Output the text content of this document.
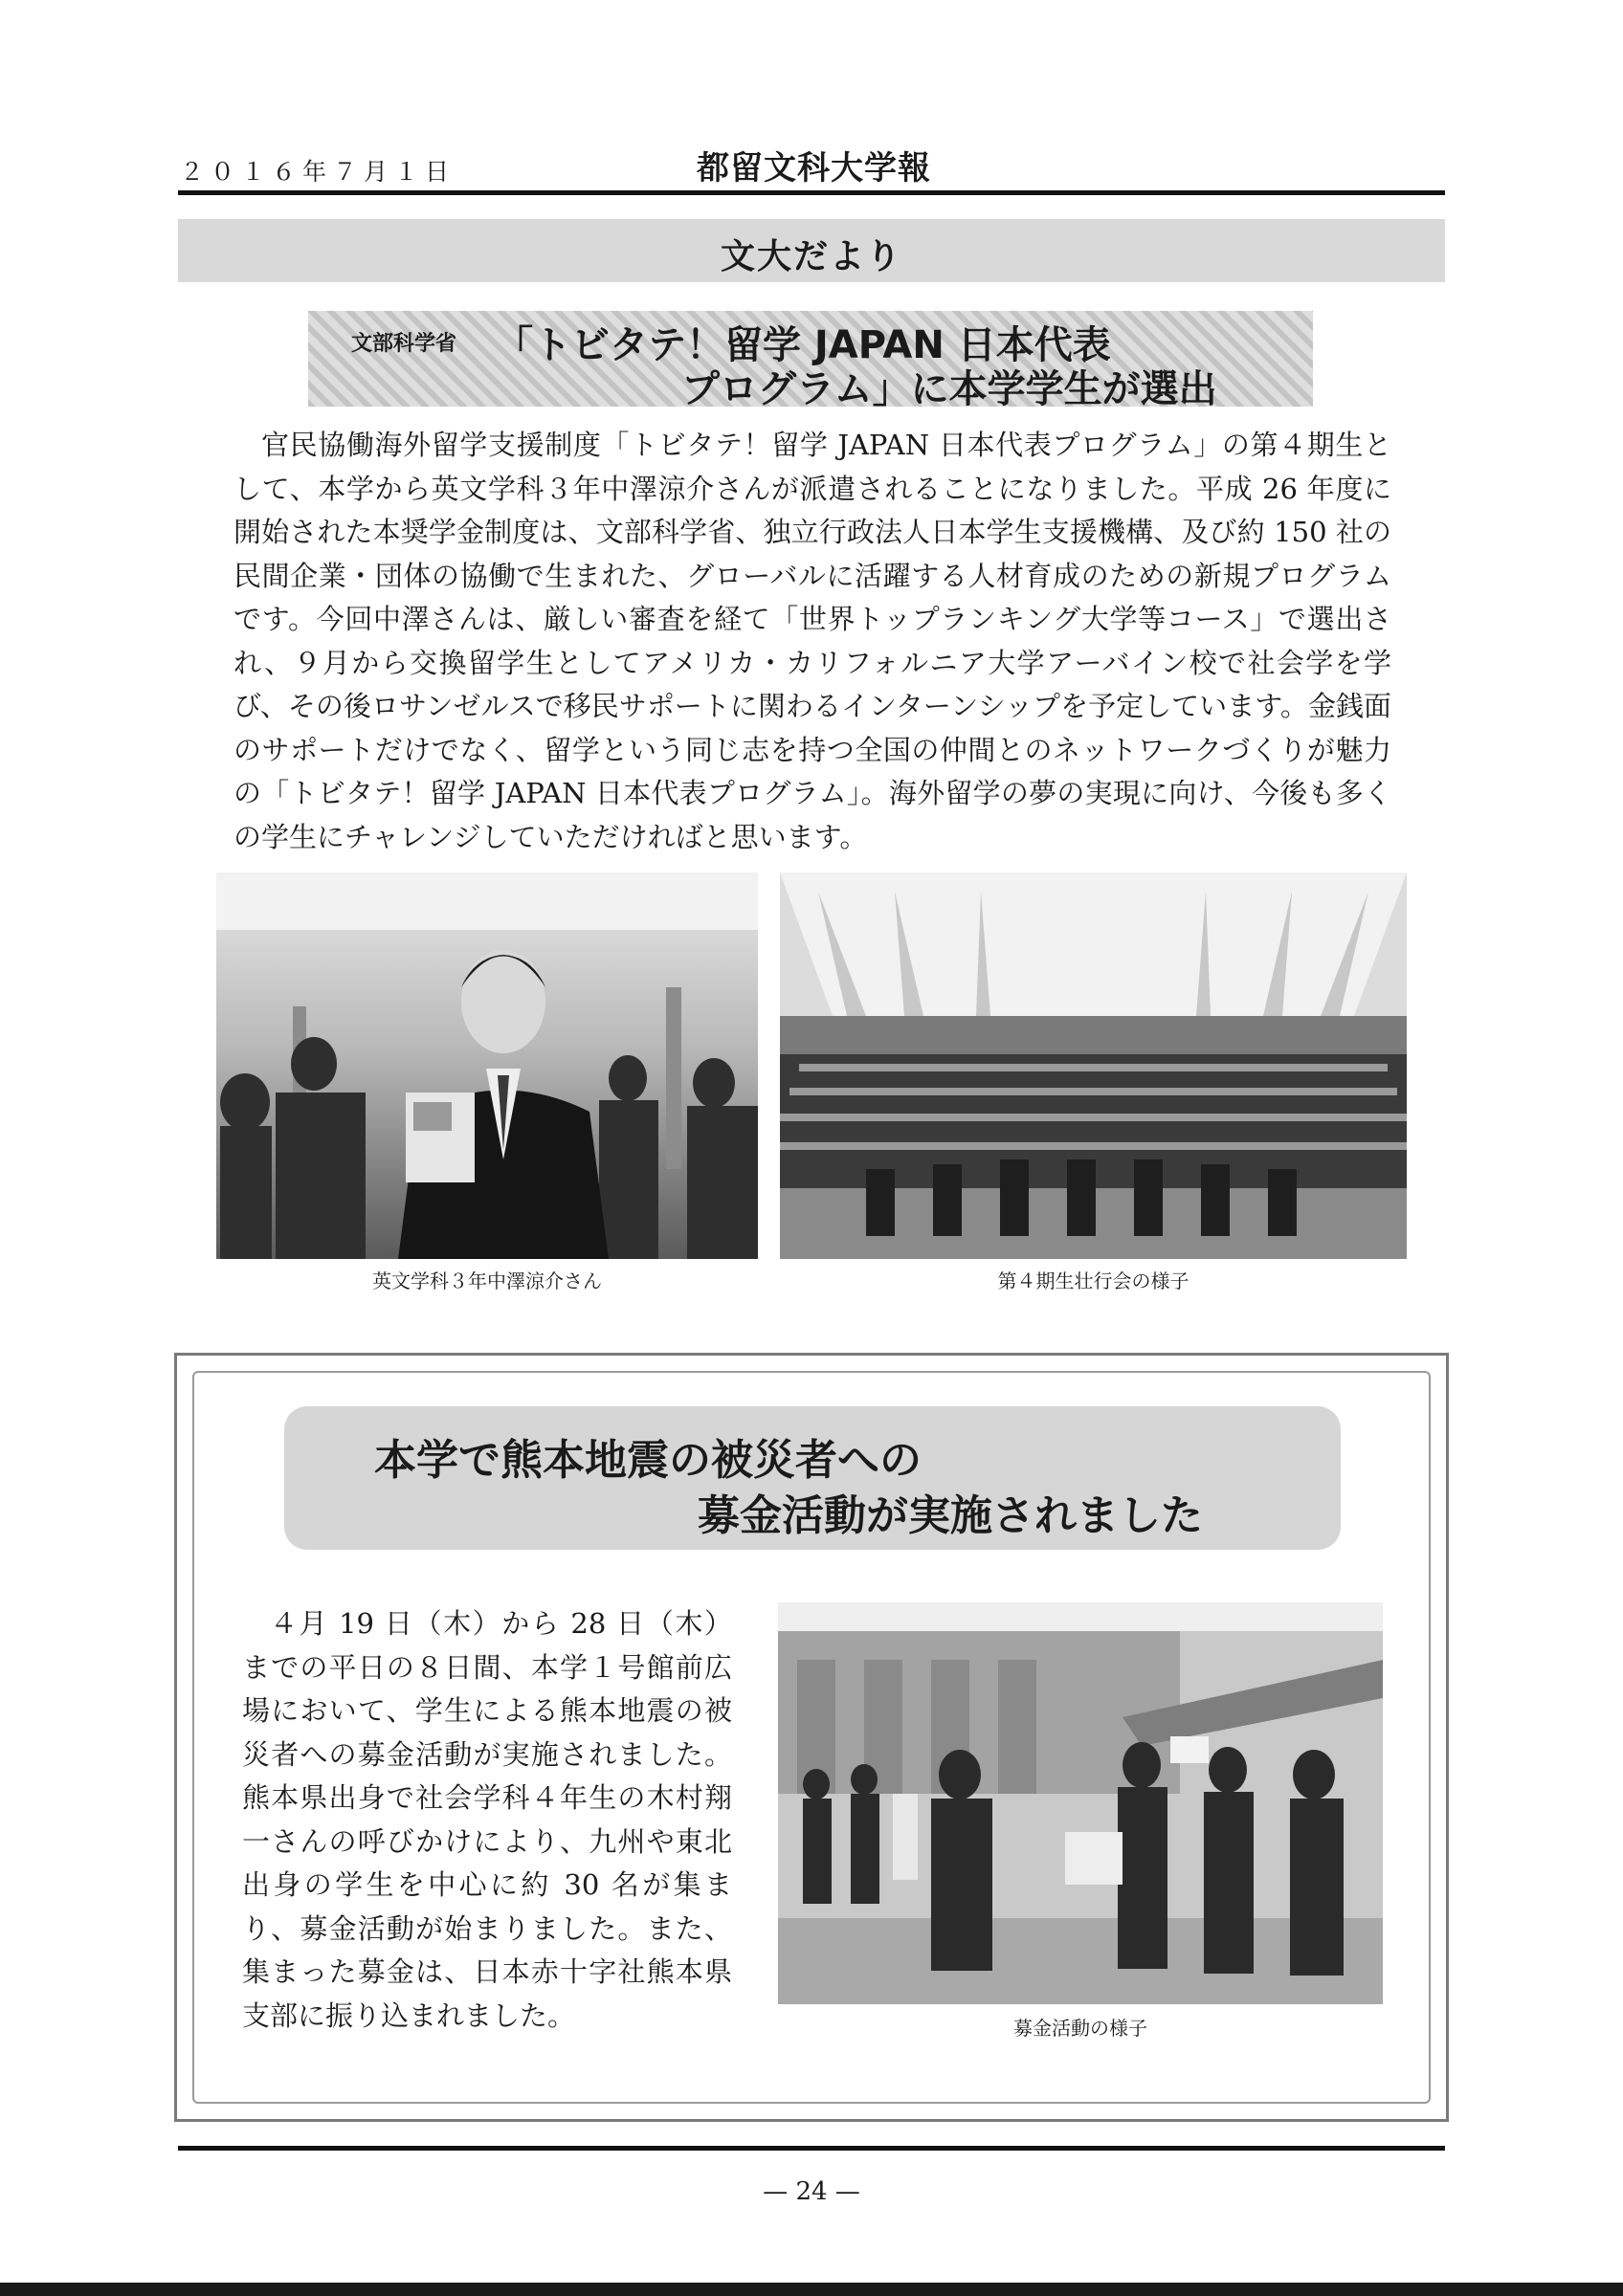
２０１６年７月１日	都留文科大学報
文大だより
文部科学省 「トビタテ！留学 JAPAN 日本代表
プログラム」に本学学生が選出

官民協働海外留学支援制度「トビタテ！留学 JAPAN 日本代表プログラム」の第４期生として、本学から英文学科３年中澤涼介さんが派遣されることになりました。平成 26 年度に開始された本奨学金制度は、文部科学省、独立行政法人日本学生支援機構、及び約 150 社の民間企業・団体の協働で生まれた、グローバルに活躍する人材育成のための新規プログラムです。今回中澤さんは、厳しい審査を経て「世界トップランキング大学等コース」で選出され、９月から交換留学生としてアメリカ・カリフォルニア大学アーバイン校で社会学を学び、その後ロサンゼルスで移民サポートに関わるインターンシップを予定しています。金銭面のサポートだけでなく、留学という同じ志を持つ全国の仲間とのネットワークづくりが魅力の「トビタテ！留学 JAPAN 日本代表プログラム」。海外留学の夢の実現に向け、今後も多くの学生にチャレンジしていただければと思います。

英文学科３年中澤涼介さん	第４期生壮行会の様子
本学で熊本地震の被災者への
募金活動が実施されました

４月 19 日（木）から 28 日（木）までの平日の８日間、本学１号館前広場において、学生による熊本地震の被災者への募金活動が実施されました。熊本県出身で社会学科４年生の木村翔一さんの呼びかけにより、九州や東北出身の学生を中心に約 30 名が集まり、募金活動が始まりました。また、集まった募金は、日本赤十字社熊本県支部に振り込まれました。	募金活動の様子
— 24 —
